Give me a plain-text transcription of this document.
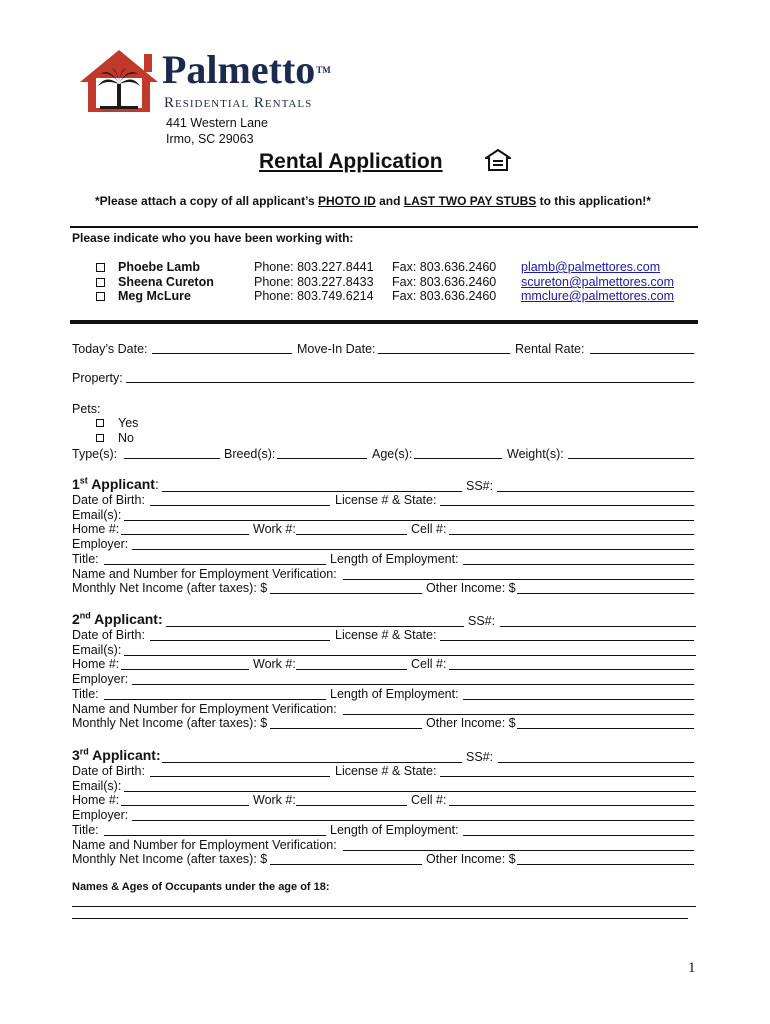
Palmetto™
Residential Rentals
441 Western Lane
Irmo, SC 29063
Rental Application
*Please attach a copy of all applicant’s PHOTO ID and LAST TWO PAY STUBS to this application!*
Please indicate who you have been working with:
Phoebe Lamb	Phone: 803.227.8441 Fax: 803.636.2460 plamb@palmettores.com
Sheena Cureton	Phone: 803.227.8433 Fax: 803.636.2460 scureton@palmettores.com
Meg McLure	Phone: 803.749.6214 Fax: 803.636.2460 mmclure@palmettores.com
Today’s Date:	Move-In Date:	Rental Rate:
Property:
Pets:
Yes
No
Type(s):	Breed(s):	Age(s):	Weight(s):
1st Applicant:	SS#:
Date of Birth:	License # & State:
Email(s):
Home #:	Work #:	Cell #:
Employer:
Title:	Length of Employment:
Name and Number for Employment Verification:
Monthly Net Income (after taxes): $	Other Income: $
2nd Applicant:	SS#:
Date of Birth:	License # & State:
Email(s):
Home #:	Work #:	Cell #:
Employer:
Title:	Length of Employment:
Name and Number for Employment Verification:
Monthly Net Income (after taxes): $	Other Income: $
3rd Applicant:	SS#:
Date of Birth:	License # & State:
Email(s):
Home #:	Work #:	Cell #:
Employer:
Title:	Length of Employment:
Name and Number for Employment Verification:
Monthly Net Income (after taxes): $	Other Income: $
Names & Ages of Occupants under the age of 18:
1
